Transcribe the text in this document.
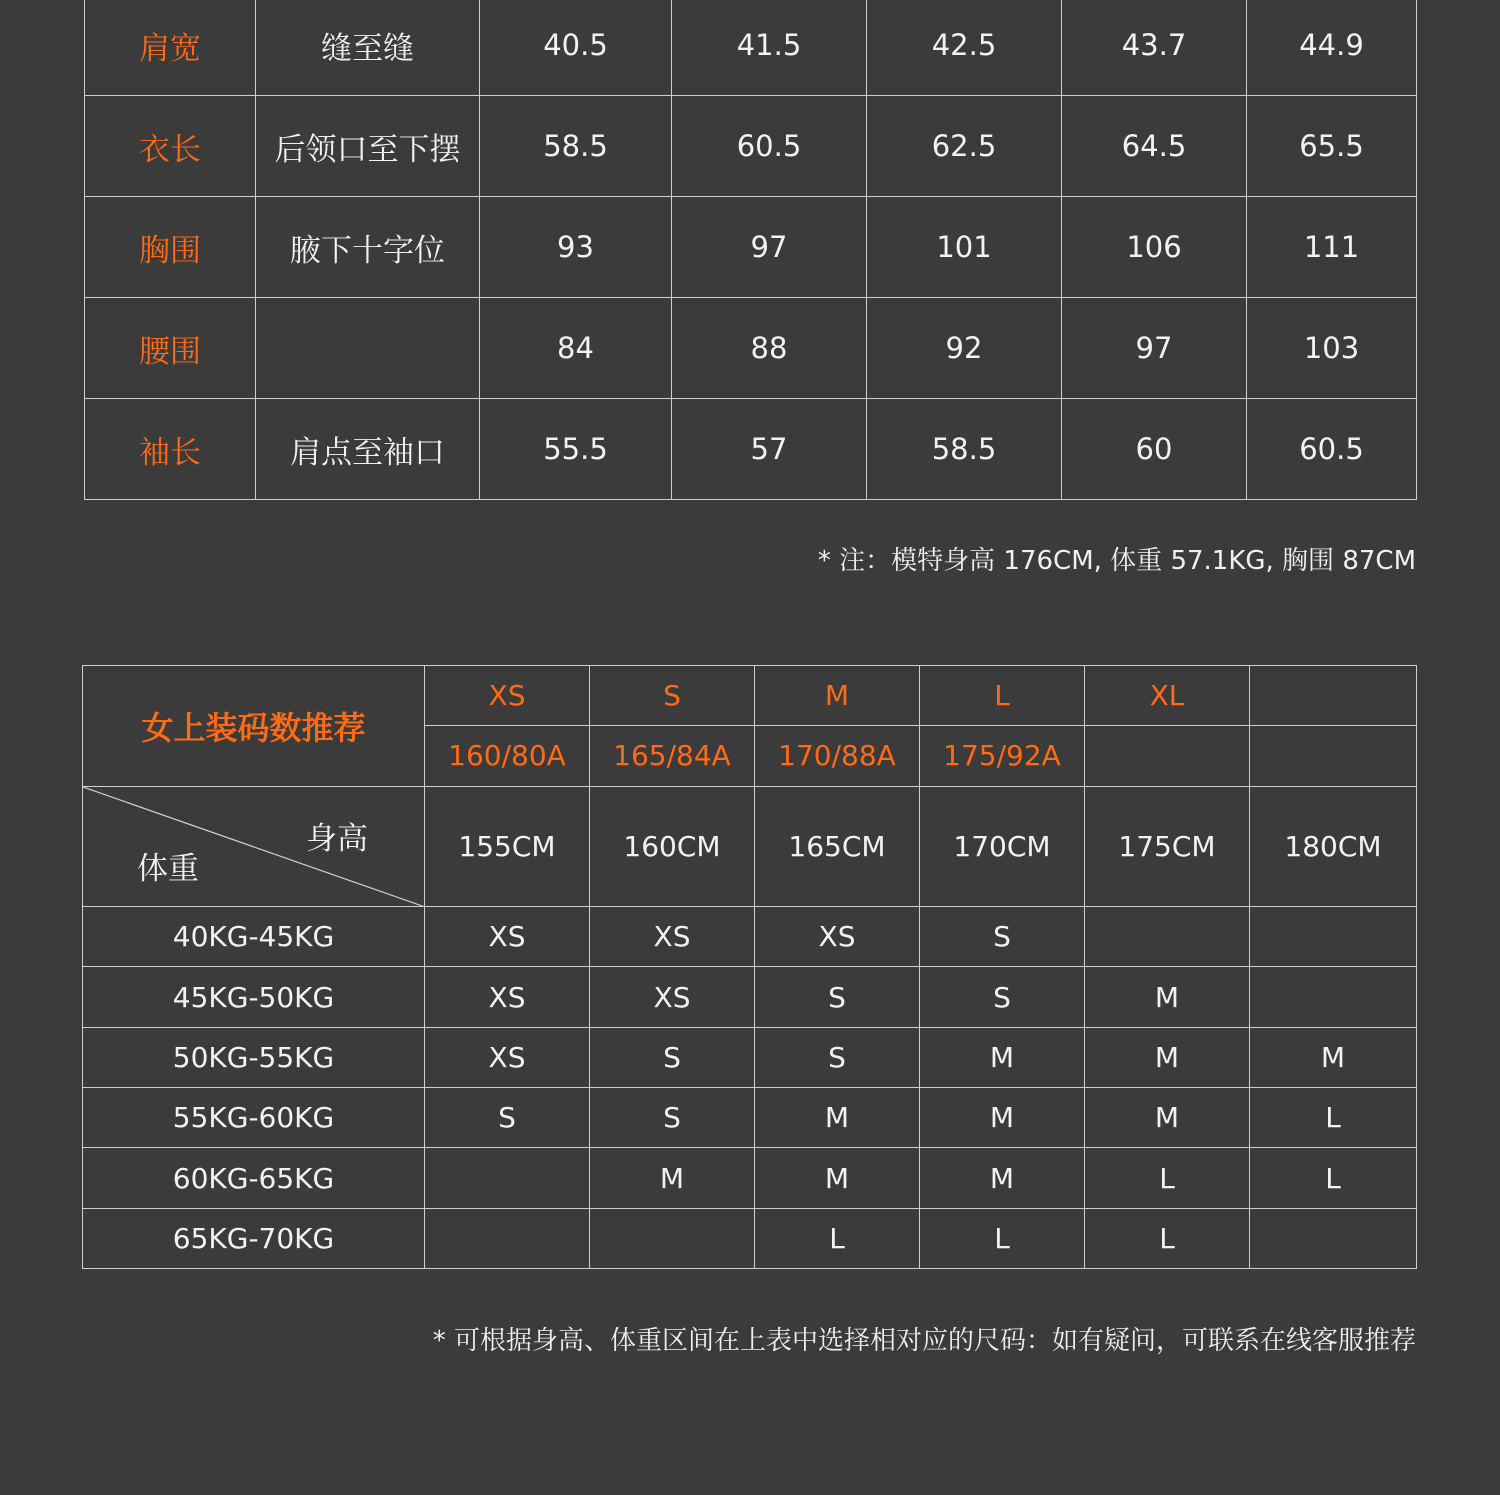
肩宽	缝至缝	40.5	41.5	42.5	43.7	44.9
衣长	后领口至下摆	58.5	60.5	62.5	64.5	65.5
胸围	腋下十字位	93	97	101	106	111
腰围		84	88	92	97	103
袖长	肩点至袖口	55.5	57	58.5	60	60.5
* 注：模特身高 176CM, 体重 57.1KG, 胸围 87CM
女上装码数推荐	XS	S	M	L	XL	
	160/80A	165/84A	170/88A	175/92A		

身高
体重	155CM	160CM	165CM	170CM	175CM	180CM
40KG-45KG	XS	XS	XS	S		
45KG-50KG	XS	XS	S	S	M	
50KG-55KG	XS	S	S	M	M	M
55KG-60KG	S	S	M	M	M	L
60KG-65KG		M	M	M	L	L
65KG-70KG			L	L	L	
* 可根据身高、体重区间在上表中选择相对应的尺码：如有疑问，可联系在线客服推荐
